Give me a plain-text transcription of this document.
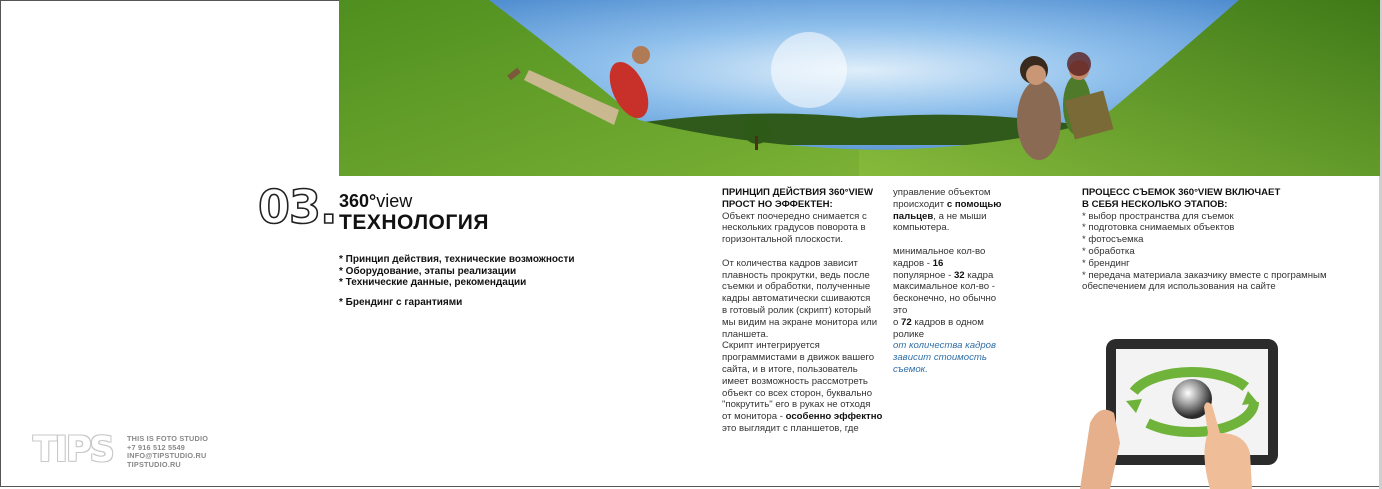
03. 360°view
ТЕХНОЛОГИЯ
* Принцип действия, технические возможности
* Оборудование, этапы реализации
* Технические данные, рекомендации
* Брендинг с гарантиями
ПРИНЦИП ДЕЙСТВИЯ 360°VIEW
ПРОСТ НО ЭФФЕКТЕН:
Объект поочередно снимается с
нескольких градусов поворота в
горизонтальной плоскости.
От количества кадров зависит
плавность прокрутки, ведь после
съемки и обработки, полученные
кадры автоматически сшиваются
в готовый ролик (скрипт) который
мы видим на экране монитора или
планшета.
Скрипт интегрируется
программистами в движок вашего
сайта, и в итоге, пользователь
имеет возможность рассмотреть
объект со всех сторон, буквально
"покрутить" его в руках не отходя
от монитора - особенно эффектно
это выглядит с планшетов, где
управление объектом
происходит с помощью
пальцев, а не мыши
компьютера.
минимальное кол-во
кадров - 16
популярное - 32 кадра
максимальное кол-во -
бесконечно, но обычно
это
о 72 кадров в одном
ролике
от количества кадров
зависит стоимость
съемок.
ПРОЦЕСС СЪЕМОК 360°VIEW ВКЛЮЧАЕТ
В СЕБЯ НЕСКОЛЬКО ЭТАПОВ:
* выбор пространства для съемок
* подготовка снимаемых объектов
* фотосъемка
* обработка
* брендинг
* передача материала заказчику вместе с програмным
обеспечением для использования на сайте
TIPS THIS IS FOTO STUDIO
+7 916 512 5549
INFO@TIPSTUDIO.RU
TIPSTUDIO.RU
